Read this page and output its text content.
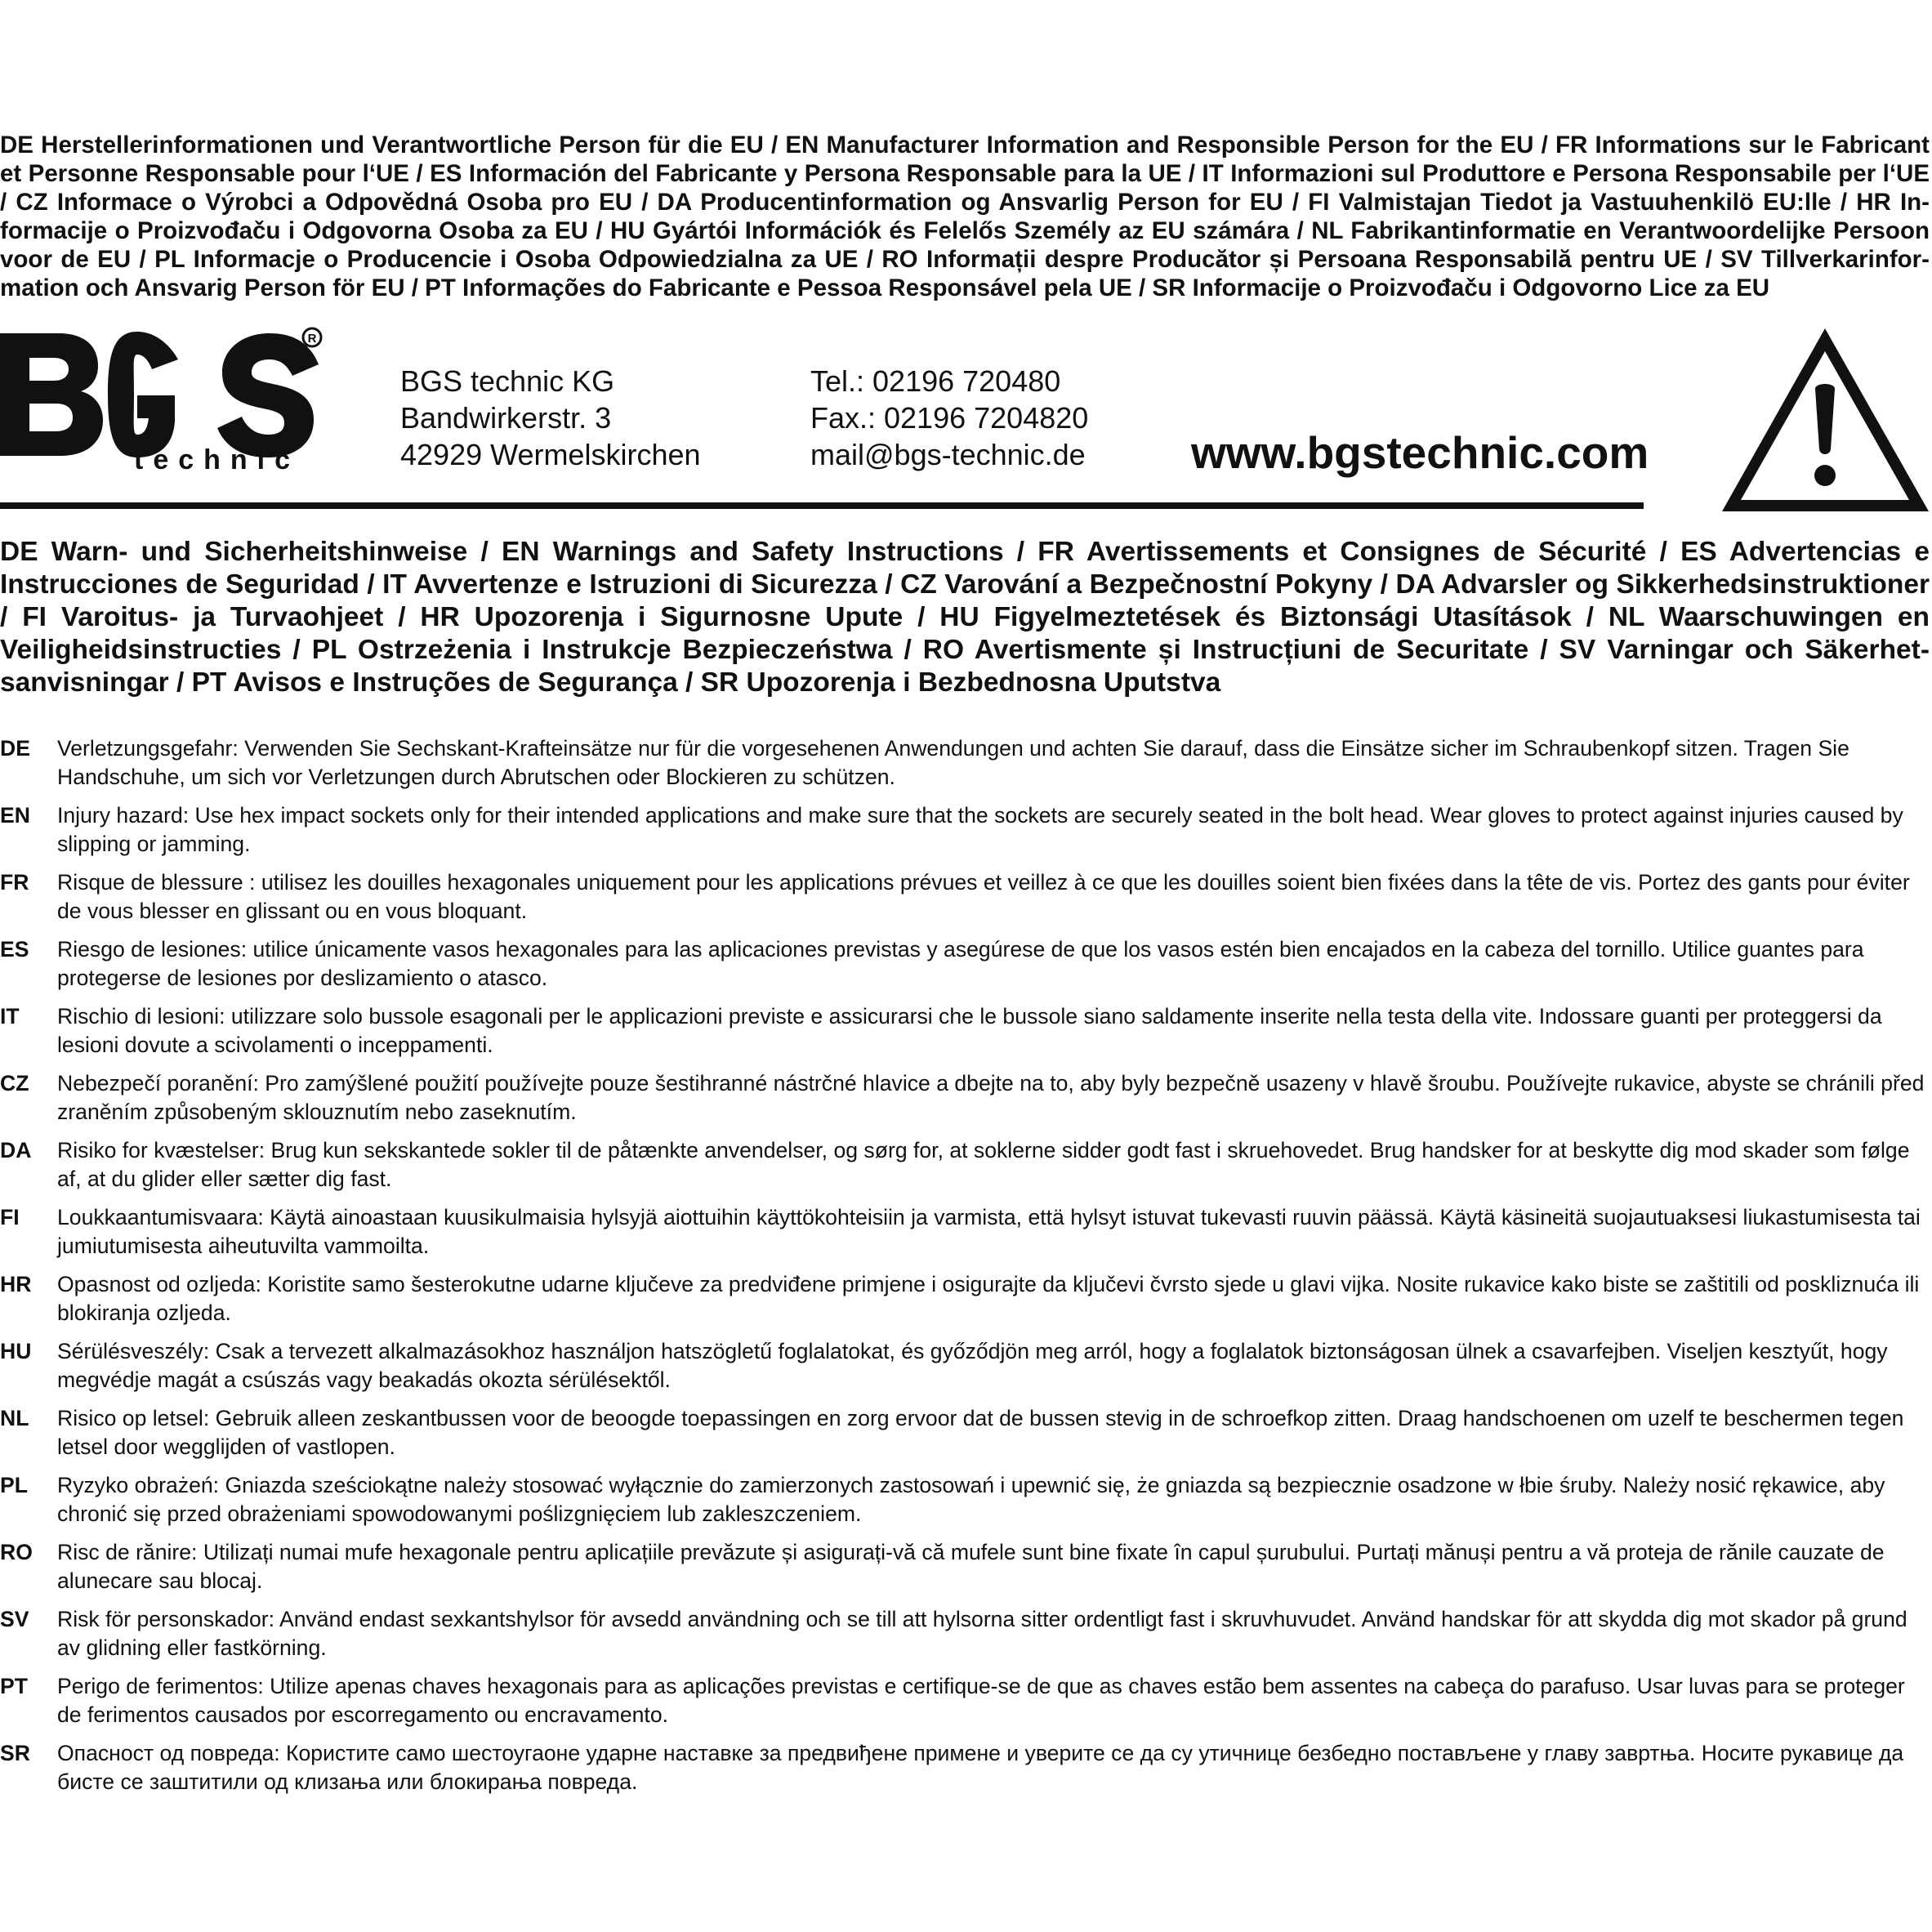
DE Herstellerinformationen und Verantwortliche Person für die EU / EN Manufacturer Information and Responsible Person for the EU / FR Informations sur le Fabricant et Personne Responsable pour l‘UE / ES Información del Fabricante y Persona Responsable para la UE / IT Informazioni sul Produttore e Persona Responsabile per l‘UE / CZ Informace o Výrobci a Odpovědná Osoba pro EU / DA Producentinformation og Ansvarlig Person for EU / FI Valmistajan Tiedot ja Vastuuhenkilö EU:lle / HR Informacije o Proizvođaču i Odgovorna Osoba za EU / HU Gyártói Információk és Felelős Személy az EU számára / NL Fabrikantinformatie en Verantwoordelijke Persoon voor de EU / PL Informacje o Producencie i Osoba Odpowiedzialna za UE / RO Informații despre Producător și Persoana Responsabilă pentru UE / SV Tillverkarinformation och Ansvarig Person för EU / PT Informações do Fabricante e Pessoa Responsável pela UE / SR Informacije o Proizvođaču i Odgovorno Lice za EU
R
technic
BGS technic KG
Bandwirkerstr. 3
42929 Wermelskirchen
Tel.: 02196 720480
Fax.: 02196 7204820
mail@bgs-technic.de www.bgstechnic.com
DE Warn- und Sicherheitshinweise / EN Warnings and Safety Instructions / FR Avertissements et Consignes de Sécurité / ES Advertencias e Instrucciones de Seguridad / IT Avvertenze e Istruzioni di Sicurezza / CZ Varování a Bezpečnostní Pokyny / DA Advarsler og Sikkerhedsinstruktioner / FI Varoitus- ja Turvaohjeet / HR Upozorenja i Sigurnosne Upute / HU Figyelmeztetések és Biztonsági Utasítások / NL Waarschuwingen en Veiligheidsinstructies / PL Ostrzeżenia i Instrukcje Bezpieczeństwa / RO Avertismente și Instrucțiuni de Securitate / SV Varningar och Säkerhetsanvisningar / PT Avisos e Instruções de Segurança / SR Upozorenja i Bezbednosna Uputstva
DE	Verletzungsgefahr: Verwenden Sie Sechskant-Krafteinsätze nur für die vorgesehenen Anwendungen und achten Sie darauf, dass die Einsätze sicher im Schraubenkopf sitzen. Tragen Sie Handschuhe, um sich vor Verletzungen durch Abrutschen oder Blockieren zu schützen.
EN	Injury hazard: Use hex impact sockets only for their intended applications and make sure that the sockets are securely seated in the bolt head. Wear gloves to protect against injuries caused by slipping or jamming.
FR	Risque de blessure : utilisez les douilles hexagonales uniquement pour les applications prévues et veillez à ce que les douilles soient bien fixées dans la tête de vis. Portez des gants pour éviter de vous blesser en glissant ou en vous bloquant.
ES	Riesgo de lesiones: utilice únicamente vasos hexagonales para las aplicaciones previstas y asegúrese de que los vasos estén bien encajados en la cabeza del tornillo. Utilice guantes para protegerse de lesiones por deslizamiento o atasco.
IT	Rischio di lesioni: utilizzare solo bussole esagonali per le applicazioni previste e assicurarsi che le bussole siano saldamente inserite nella testa della vite. Indossare guanti per proteggersi da lesioni dovute a scivolamenti o inceppamenti.
CZ	Nebezpečí poranění: Pro zamýšlené použití používejte pouze šestihranné nástrčné hlavice a dbejte na to, aby byly bezpečně usazeny v hlavě šroubu. Používejte rukavice, abyste se chránili před zraněním způsobeným sklouznutím nebo zaseknutím.
DA	Risiko for kvæstelser: Brug kun sekskantede sokler til de påtænkte anvendelser, og sørg for, at soklerne sidder godt fast i skruehovedet. Brug handsker for at beskytte dig mod skader som følge af, at du glider eller sætter dig fast.
FI	Loukkaantumisvaara: Käytä ainoastaan kuusikulmaisia hylsyjä aiottuihin käyttökohteisiin ja varmista, että hylsyt istuvat tukevasti ruuvin päässä. Käytä käsineitä suojautuaksesi liukastumisesta tai jumiutumisesta aiheutuvilta vammoilta.
HR	Opasnost od ozljeda: Koristite samo šesterokutne udarne ključeve za predviđene primjene i osigurajte da ključevi čvrsto sjede u glavi vijka. Nosite rukavice kako biste se zaštitili od poskliznuća ili blokiranja ozljeda.
HU	Sérülésveszély: Csak a tervezett alkalmazásokhoz használjon hatszögletű foglalatokat, és győződjön meg arról, hogy a foglalatok biztonságosan ülnek a csavarfejben. Viseljen kesztyűt, hogy megvédje magát a csúszás vagy beakadás okozta sérülésektől.
NL	Risico op letsel: Gebruik alleen zeskantbussen voor de beoogde toepassingen en zorg ervoor dat de bussen stevig in de schroefkop zitten. Draag handschoenen om uzelf te beschermen tegen letsel door wegglijden of vastlopen.
PL	Ryzyko obrażeń: Gniazda sześciokątne należy stosować wyłącznie do zamierzonych zastosowań i upewnić się, że gniazda są bezpiecznie osadzone w łbie śruby. Należy nosić rękawice, aby chronić się przed obrażeniami spowodowanymi poślizgnięciem lub zakleszczeniem.
RO	Risc de rănire: Utilizați numai mufe hexagonale pentru aplicațiile prevăzute și asigurați-vă că mufele sunt bine fixate în capul șurubului. Purtați mănuși pentru a vă proteja de rănile cauzate de alunecare sau blocaj.
SV	Risk för personskador: Använd endast sexkantshylsor för avsedd användning och se till att hylsorna sitter ordentligt fast i skruvhuvudet. Använd handskar för att skydda dig mot skador på grund av glidning eller fastkörning.
PT	Perigo de ferimentos: Utilize apenas chaves hexagonais para as aplicações previstas e certifique-se de que as chaves estão bem assentes na cabeça do parafuso. Usar luvas para se proteger de ferimentos causados por escorregamento ou encravamento.
SR	Опасност од повреда: Користите само шестоугаоне ударне наставке за предвиђене примене и уверите се да су утичнице безбедно постављене у главу завртња. Носите рукавице да бисте се заштитили од клизања или блокирања повреда.
